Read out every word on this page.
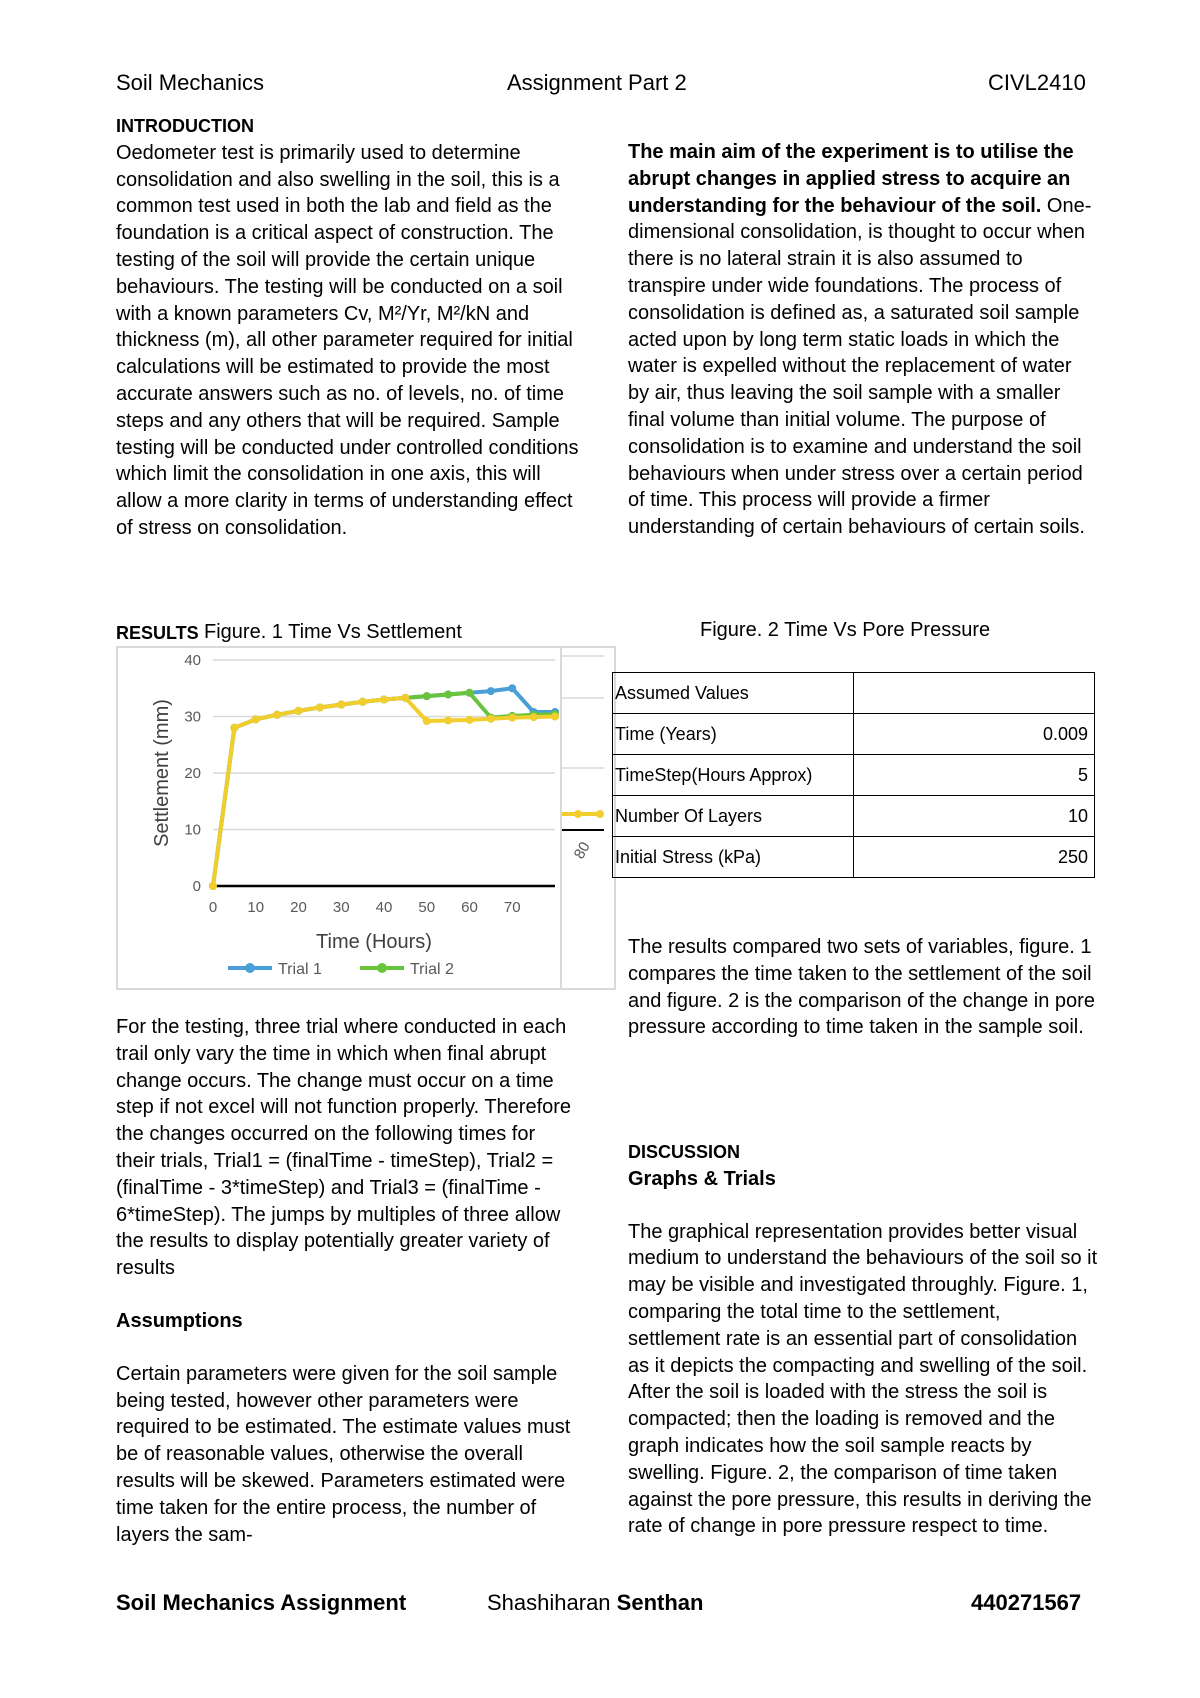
Soil Mechanics	Assignment Part 2	CIVL2410
INTRODUCTION

Oedometer test is primarily used to determine consolidation and also swelling in the soil, this is a common test used in both the lab and field as the foundation is a critical aspect of construction. The testing of the soil will provide the certain unique behaviours. The testing will be conducted on a soil with a known parameters Cv, M²/Yr, M²/kN and thickness (m), all other parameter required for initial calculations will be estimated to provide the most accurate answers such as no. of levels, no. of time steps and any others that will be required. Sample testing will be conducted under controlled conditions which limit the consolidation in one axis, this will allow a more clarity in terms of understanding effect of stress on consolidation.

The main aim of the experiment is to utilise the abrupt changes in applied stress to acquire an understanding for the behaviour of the soil. One-dimensional consolidation, is thought to occur when there is no lateral strain it is also assumed to transpire under wide foundations. The process of consolidation is defined as, a saturated soil sample acted upon by long term static loads in which the water is expelled without the replacement of water by air, thus leaving the soil sample with a smaller final volume than initial volume. The purpose of consolidation is to examine and understand the soil behaviours when under stress over a certain period of time. This process will provide a firmer understanding of certain behaviours of certain soils.

RESULTS Figure. 1 Time Vs Settlement	Figure. 2 Time Vs Pore Pressure
80
0
10
20
30
40
0 10 20 30 40 50 60 70
Time (Hours)
Settlement (mm)
Trial 1	Trial 2
Assumed Values	
Time (Years)	0.009
TimeStep(Hours Approx)	5
Number Of Layers	10
Initial Stress (kPa)	250

The results compared two sets of variables, figure. 1 compares the time taken to the settlement of the soil and figure. 2 is the comparison of the change in pore pressure according to time taken in the sample soil.

For the testing, three trial where conducted in each trail only vary the time in which when final abrupt change occurs. The change must occur on a time step if not excel will not function properly. Therefore the changes occurred on the following times for their trials, Trial1 = (finalTime - timeStep), Trial2 = (finalTime - 3*timeStep) and Trial3 = (finalTime - 6*timeStep). The jumps by multiples of three allow the results to display potentially greater variety of results

Assumptions

Certain parameters were given for the soil sample being tested, however other parameters were required to be estimated. The estimate values must be of reasonable values, otherwise the overall results will be skewed. Parameters estimated were time taken for the entire process, the number of layers the sam-

DISCUSSION
Graphs & Trials

The graphical representation provides better visual medium to understand the behaviours of the soil so it may be visible and investigated throughly. Figure. 1, comparing the total time to the settlement, settlement rate is an essential part of consolidation as it depicts the compacting and swelling of the soil. After the soil is loaded with the stress the soil is compacted; then the loading is removed and the graph indicates how the soil sample reacts by swelling. Figure. 2, the comparison of time taken against the pore pressure, this results in deriving the rate of change in pore pressure respect to time.

Soil Mechanics Assignment	Shashiharan Senthan	440271567
